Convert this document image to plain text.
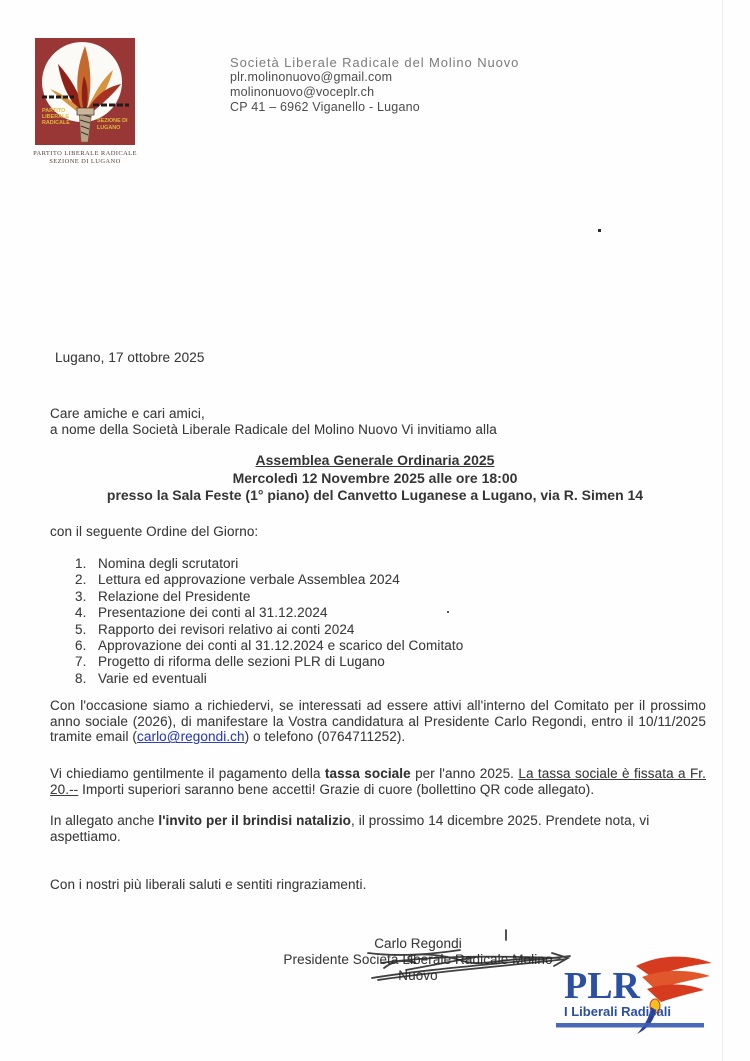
PARTITO
LIBERALE
RADICALE	SEZIONE DI
LUGANO
PARTITO LIBERALE RADICALE
SEZIONE DI LUGANO
Società Liberale Radicale del Molino Nuovo
plr.molinonuovo@gmail.com
molinonuovo@voceplr.ch
CP 41 – 6962 Viganello - Lugano
Lugano, 17 ottobre 2025
Care amiche e cari amici,
a nome della Società Liberale Radicale del Molino Nuovo Vi invitiamo alla
Assemblea Generale Ordinaria 2025
Mercoledì 12 Novembre 2025 alle ore 18:00
presso la Sala Feste (1° piano) del Canvetto Luganese a Lugano, via R. Simen 14
con il seguente Ordine del Giorno:
Nomina degli scrutatori
Lettura ed approvazione verbale Assemblea 2024
Relazione del Presidente
Presentazione dei conti al 31.12.2024
Rapporto dei revisori relativo ai conti 2024
Approvazione dei conti al 31.12.2024 e scarico del Comitato
Progetto di riforma delle sezioni PLR di Lugano
Varie ed eventuali

Con l'occasione siamo a richiedervi, se interessati ad essere attivi all'interno del Comitato per il prossimo anno sociale (2026), di manifestare la Vostra candidatura al Presidente Carlo Regondi, entro il 10/11/2025 tramite email (carlo@regondi.ch) o telefono (0764711252).

Vi chiediamo gentilmente il pagamento della tassa sociale per l'anno 2025. La tassa sociale è fissata a Fr. 20.-- Importi superiori saranno bene accetti! Grazie di cuore (bollettino QR code allegato).

In allegato anche l'invito per il brindisi natalizio, il prossimo 14 dicembre 2025. Prendete nota, vi aspettiamo.

Con i nostri più liberali saluti e sentiti ringraziamenti.
Carlo Regondi
Presidente Società Liberale Radicale Molino Nuovo	PLR
I Liberali Radicali
